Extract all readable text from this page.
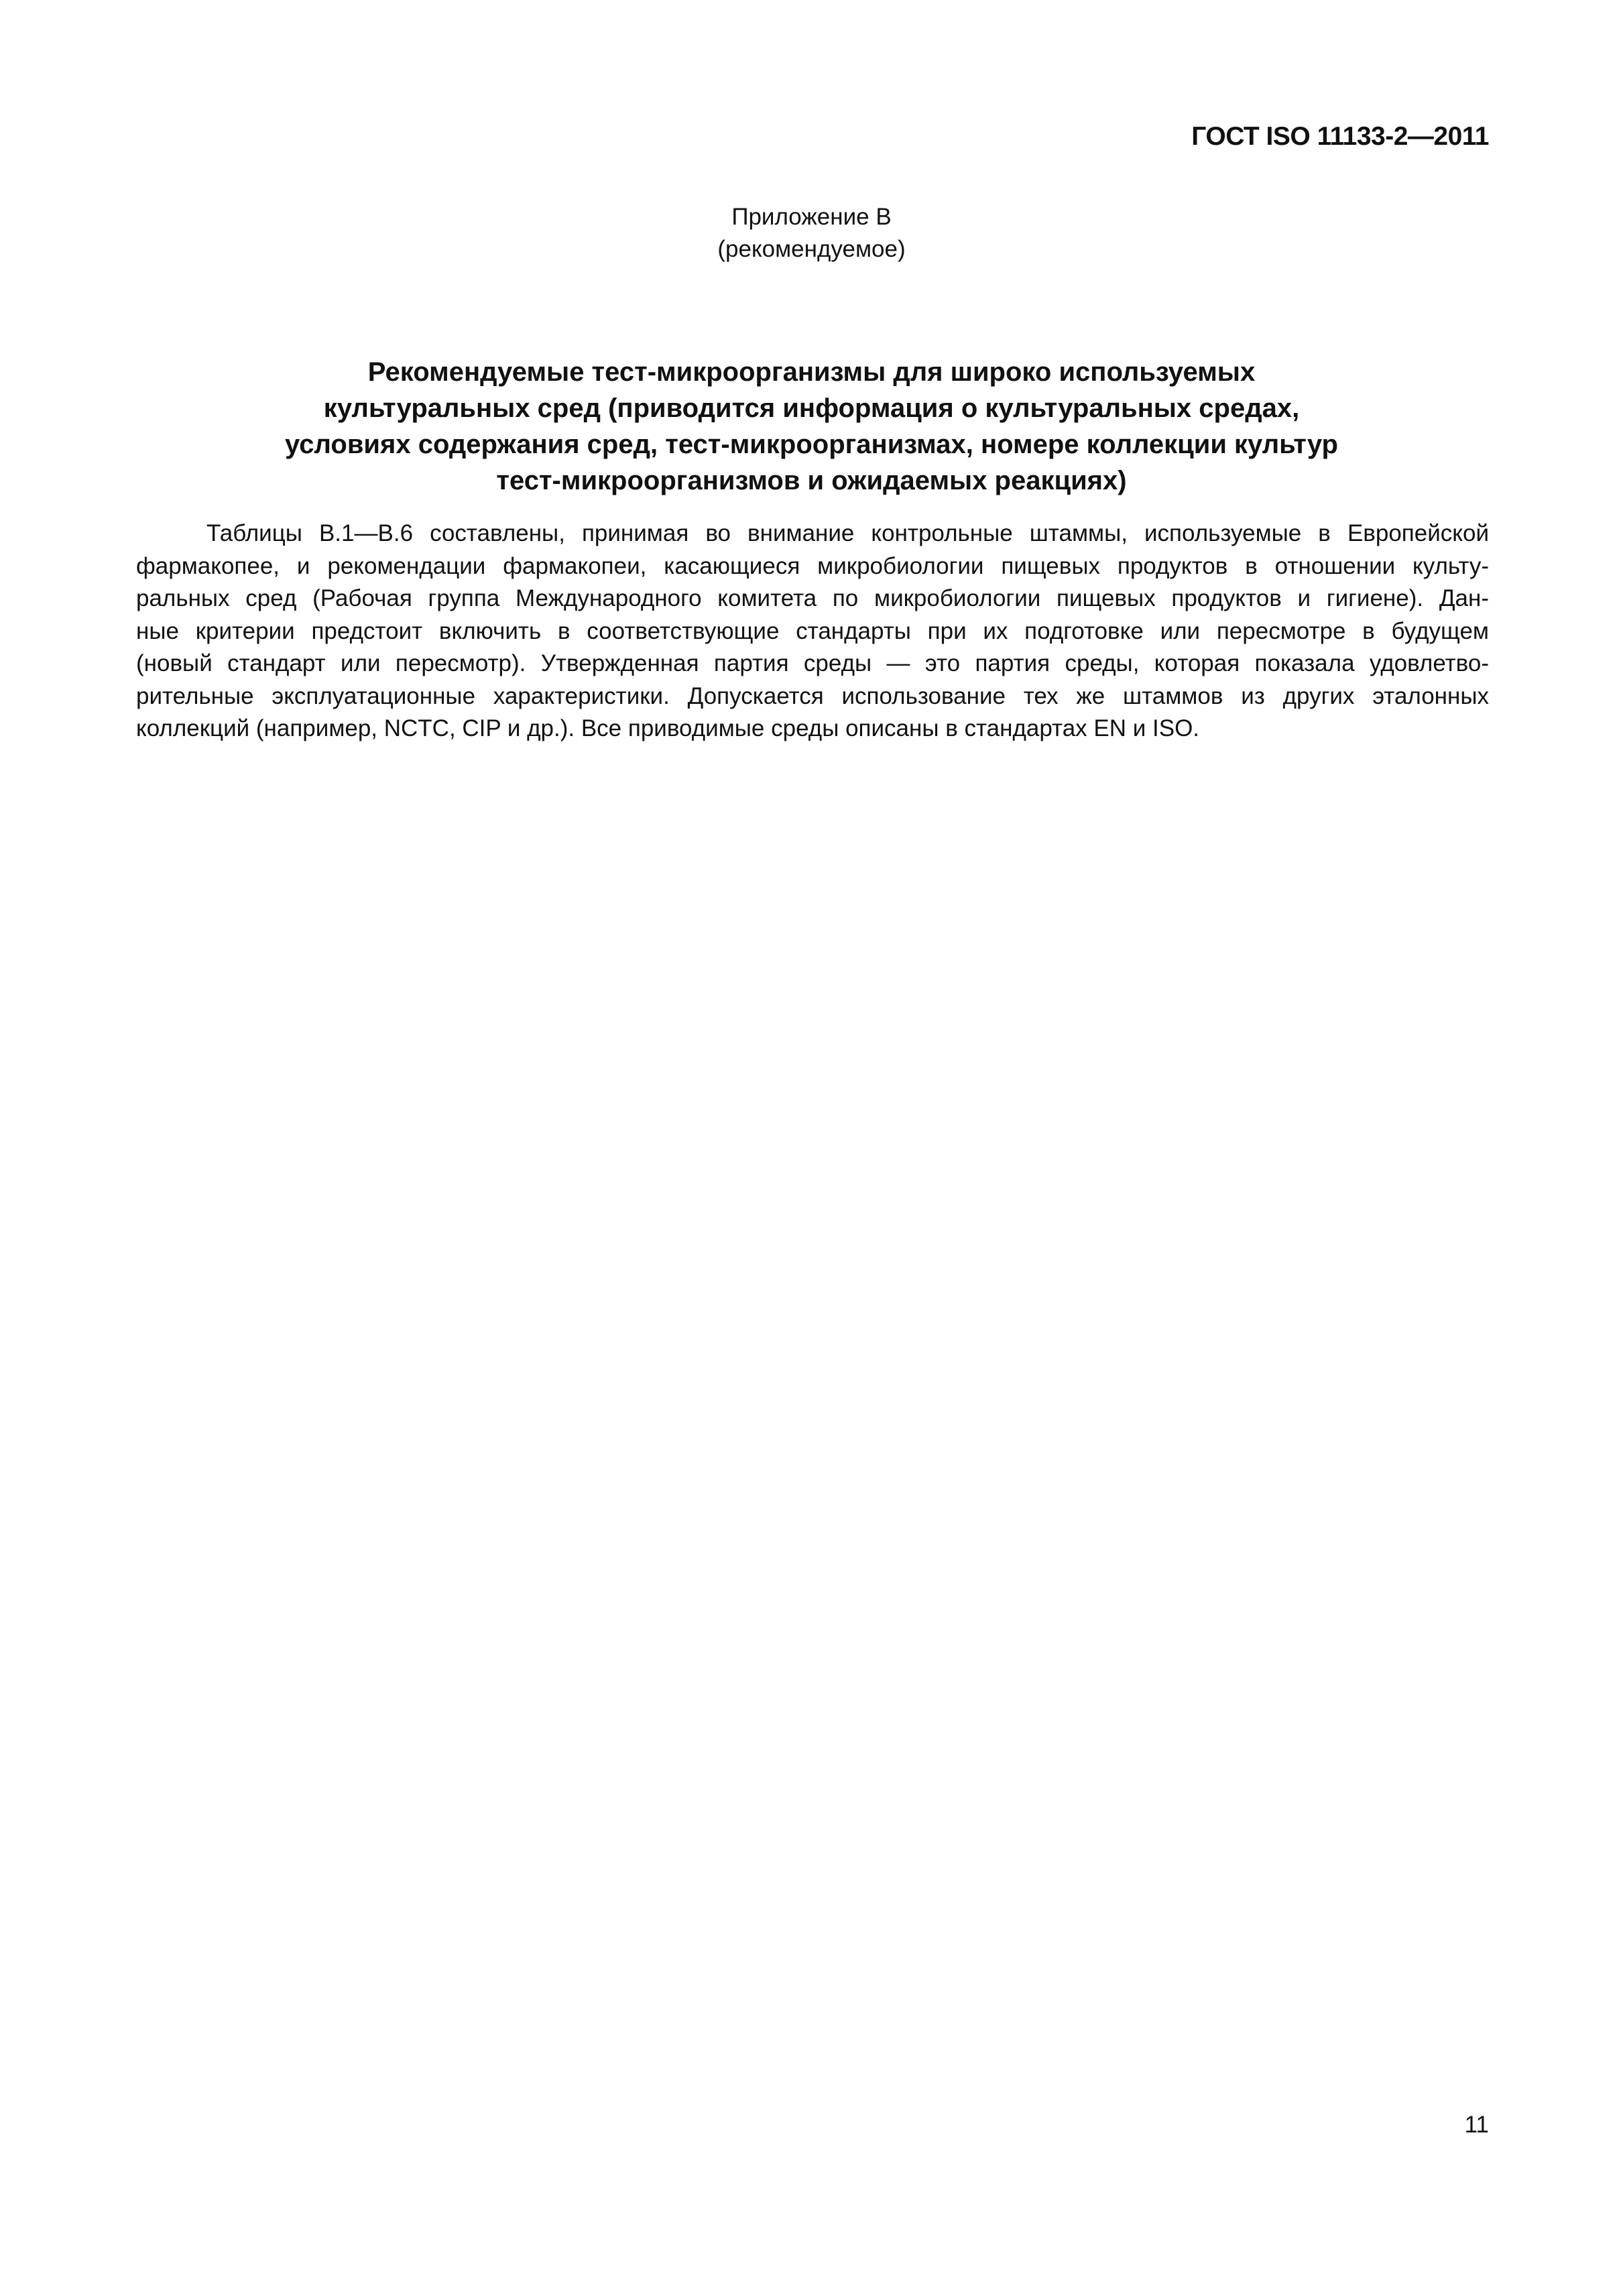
ГОСТ ISO 11133-2—2011
Приложение В
(рекомендуемое)
Рекомендуемые тест-микроорганизмы для широко используемых
культуральных сред (приводится информация о культуральных средах,
условиях содержания сред, тест-микроорганизмах, номере коллекции культур
тест-микроорганизмов и ожидаемых реакциях)
Таблицы В.1—В.6 составлены, принимая во внимание контрольные штаммы, используемые в Европейской
фармакопее, и рекомендации фармакопеи, касающиеся микробиологии пищевых продуктов в отношении культу-
ральных сред (Рабочая группа Международного комитета по микробиологии пищевых продуктов и гигиене). Дан-
ные критерии предстоит включить в соответствующие стандарты при их подготовке или пересмотре в будущем
(новый стандарт или пересмотр). Утвержденная партия среды — это партия среды, которая показала удовлетво-
рительные эксплуатационные характеристики. Допускается использование тех же штаммов из других эталонных
коллекций (например, NCTC, CIP и др.). Все приводимые среды описаны в стандартах EN и ISO.
11
